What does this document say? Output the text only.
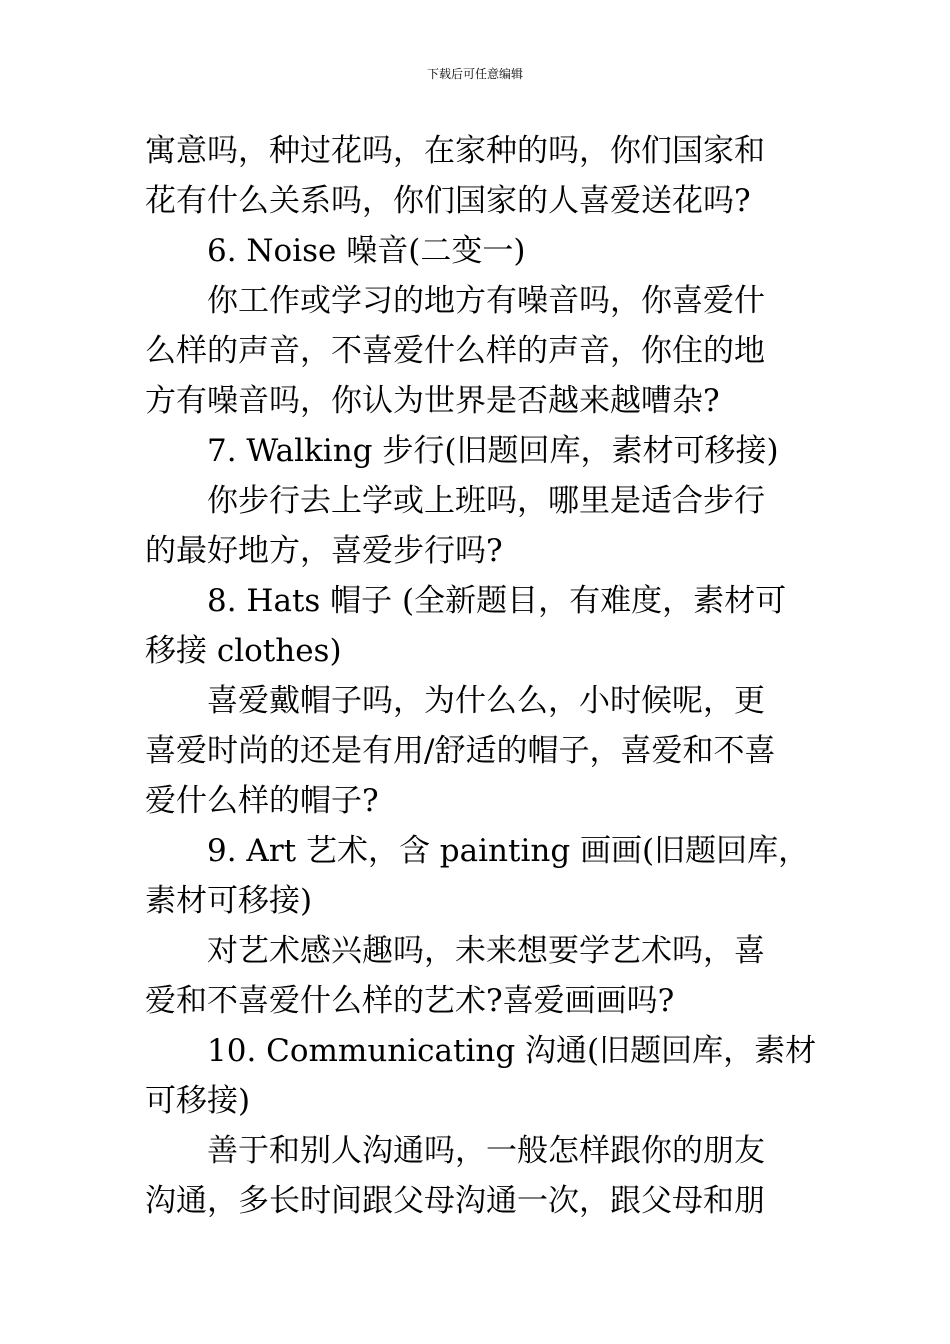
下载后可任意编辑
寓意吗，种过花吗，在家种的吗，你们国家和
花有什么关系吗，你们国家的人喜爱送花吗?
6. Noise 噪音(二变一)
你工作或学习的地方有噪音吗，你喜爱什
么样的声音，不喜爱什么样的声音，你住的地
方有噪音吗，你认为世界是否越来越嘈杂?
7. Walking 步行(旧题回库，素材可移接)
你步行去上学或上班吗，哪里是适合步行
的最好地方，喜爱步行吗?
8. Hats 帽子 (全新题目，有难度，素材可
移接 clothes)
喜爱戴帽子吗，为什么么，小时候呢，更
喜爱时尚的还是有用/舒适的帽子，喜爱和不喜
爱什么样的帽子?
9. Art 艺术，含 painting 画画(旧题回库，
素材可移接)
对艺术感兴趣吗，未来想要学艺术吗，喜
爱和不喜爱什么样的艺术?喜爱画画吗?
10. Communicating 沟通(旧题回库，素材
可移接)
善于和别人沟通吗，一般怎样跟你的朋友
沟通，多长时间跟父母沟通一次，跟父母和朋
